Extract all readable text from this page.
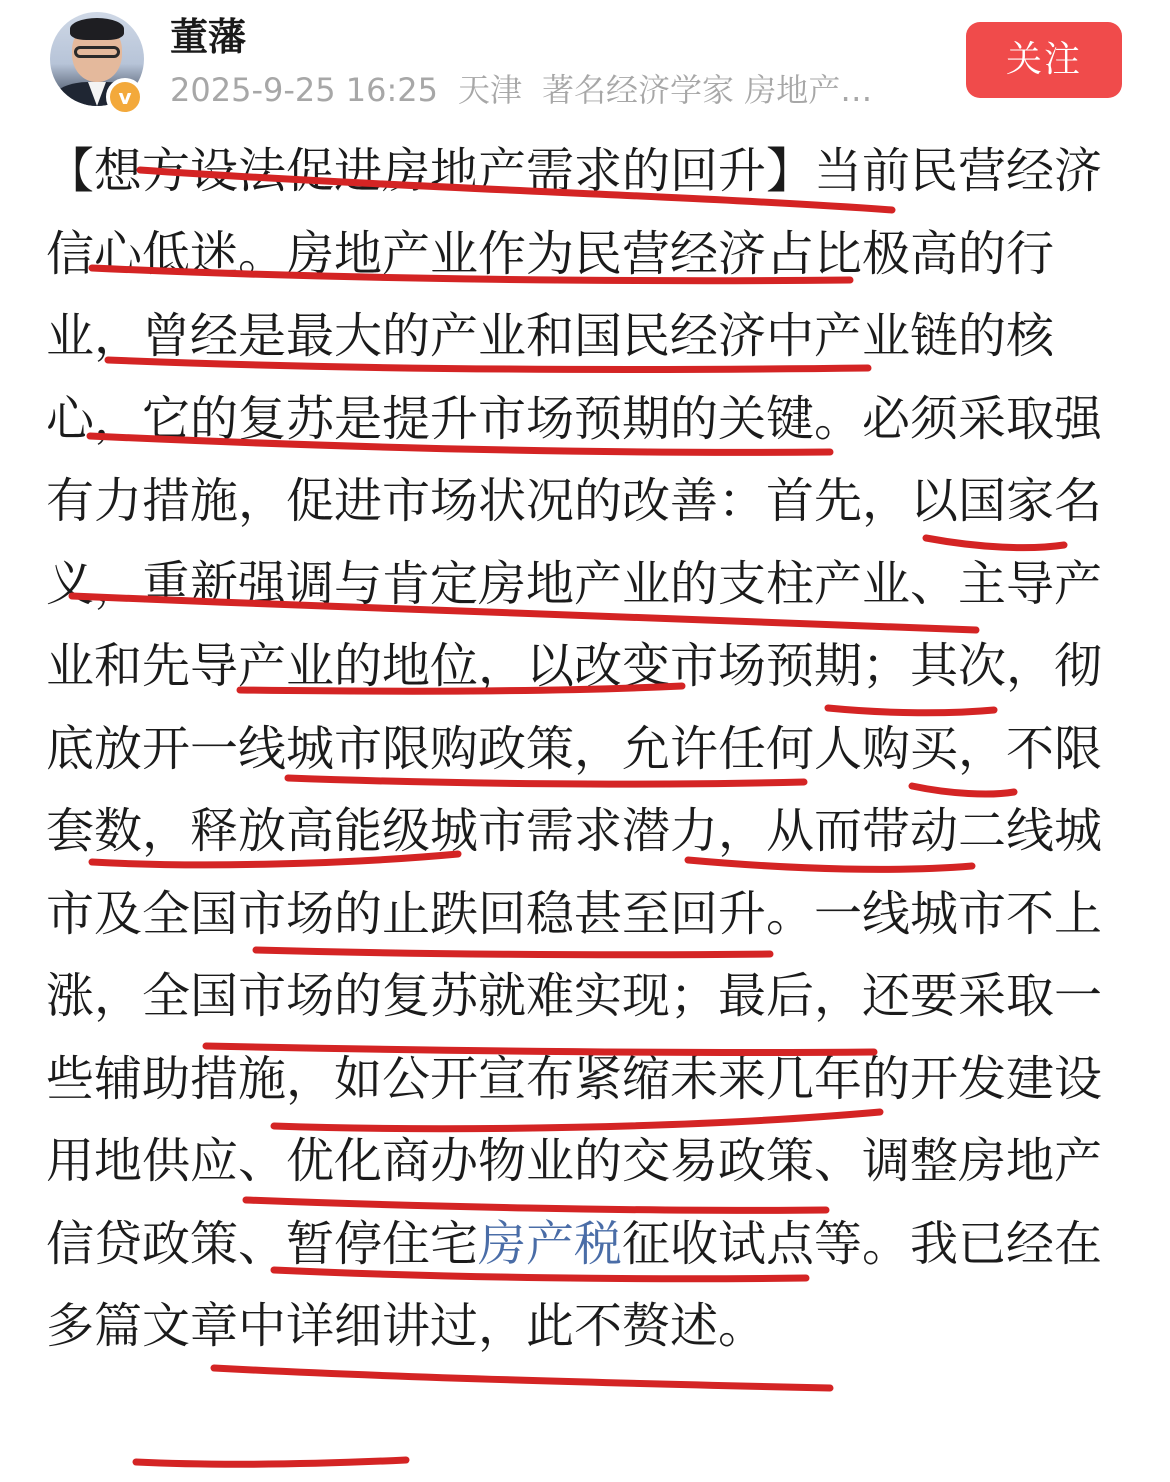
v
董藩
2025-9-25 16:25 天津 著名经济学家 房地产…
关注

【想方设法促进房地产需求的回升】当前民营经济信心低迷。房地产业作为民营经济占比极高的行业，曾经是最大的产业和国民经济中产业链的核心，它的复苏是提升市场预期的关键。必须采取强有力措施，促进市场状况的改善：首先，以国家名义，重新强调与肯定房地产业的支柱产业、主导产业和先导产业的地位，以改变市场预期；其次，彻底放开一线城市限购政策，允许任何人购买，不限套数，释放高能级城市需求潜力，从而带动二线城市及全国市场的止跌回稳甚至回升。一线城市不上涨，全国市场的复苏就难实现；最后，还要采取一些辅助措施，如公开宣布紧缩未来几年的开发建设用地供应、优化商办物业的交易政策、调整房地产信贷政策、暂停住宅房产税征收试点等。我已经在多篇文章中详细讲过，此不赘述。
